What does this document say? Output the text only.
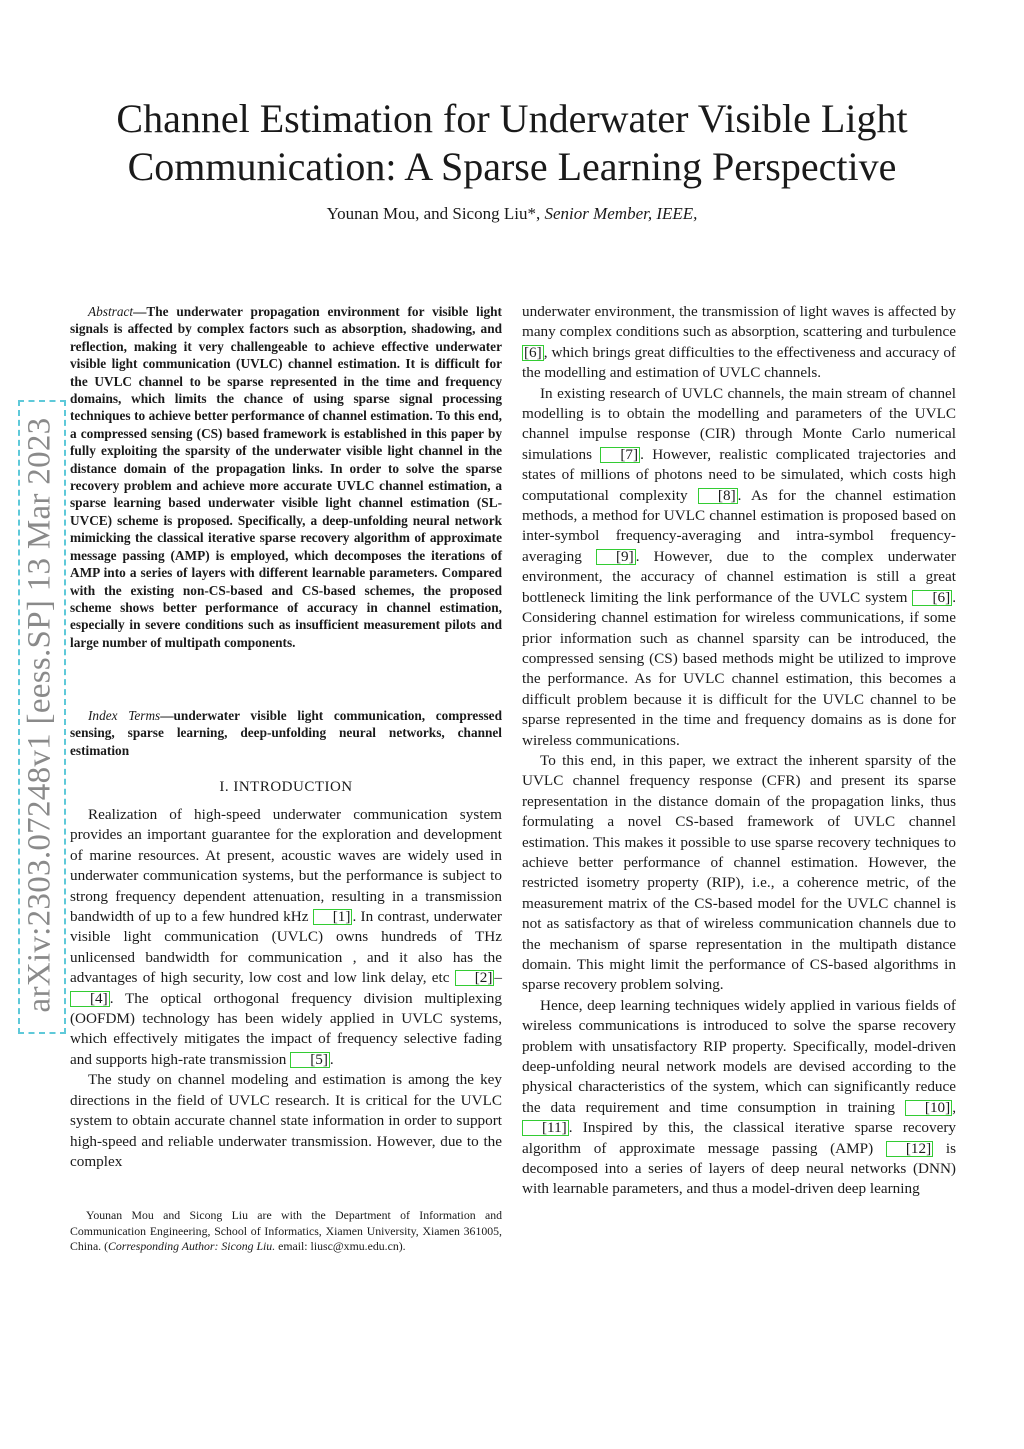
Channel Estimation for Underwater Visible Light
Communication: A Sparse Learning Perspective
Younan Mou, and Sicong Liu*, Senior Member, IEEE,
arXiv:2303.07248v1 [eess.SP] 13 Mar 2023

Abstract—The underwater propagation environment for visible light signals is affected by complex factors such as absorption, shadowing, and reflection, making it very challengeable to achieve effective underwater visible light communication (UVLC) channel estimation. It is difficult for the UVLC channel to be sparse represented in the time and frequency domains, which limits the chance of using sparse signal processing techniques to achieve better performance of channel estimation. To this end, a compressed sensing (CS) based framework is established in this paper by fully exploiting the sparsity of the underwater visible light channel in the distance domain of the propagation links. In order to solve the sparse recovery problem and achieve more accurate UVLC channel estimation, a sparse learning based underwater visible light channel estimation (SL-UVCE) scheme is proposed. Specifically, a deep-unfolding neural network mimicking the classical iterative sparse recovery algorithm of approximate message passing (AMP) is employed, which decomposes the iterations of AMP into a series of layers with different learnable parameters. Compared with the existing non-CS-based and CS-based schemes, the proposed scheme shows better performance of accuracy in channel estimation, especially in severe conditions such as insufficient measurement pilots and large number of multipath components.

Index Terms—underwater visible light communication, compressed sensing, sparse learning, deep-unfolding neural networks, channel estimation

I. INTRODUCTION

Realization of high-speed underwater communication system provides an important guarantee for the exploration and development of marine resources. At present, acoustic waves are widely used in underwater communication systems, but the performance is subject to strong frequency dependent attenuation, resulting in a transmission bandwidth of up to a few hundred kHz [1] . In contrast, underwater visible light communication (UVLC) owns hundreds of THz unlicensed bandwidth for communication , and it also has the advantages of high security, low cost and low link delay, etc [2] –[4] . The optical orthogonal frequency division multiplexing (OOFDM) technology has been widely applied in UVLC systems, which effectively mitigates the impact of frequency selective fading and supports high-rate transmission [5] .

The study on channel modeling and estimation is among the key directions in the field of UVLC research. It is critical for the UVLC system to obtain accurate channel state information in order to support high-speed and reliable underwater transmission. However, due to the complex

Younan Mou and Sicong Liu are with the Department of Information and Communication Engineering, School of Informatics, Xiamen University, Xiamen 361005, China. (Corresponding Author: Sicong Liu. email: liusc@xmu.edu.cn).

underwater environment, the transmission of light waves is affected by many complex conditions such as absorption, scattering and turbulence [6] , which brings great difficulties to the effectiveness and accuracy of the modelling and estimation of UVLC channels.

In existing research of UVLC channels, the main stream of channel modelling is to obtain the modelling and parameters of the UVLC channel impulse response (CIR) through Monte Carlo numerical simulations [7] . However, realistic complicated trajectories and states of millions of photons need to be simulated, which costs high computational complexity [8] . As for the channel estimation methods, a method for UVLC channel estimation is proposed based on inter-symbol frequency-averaging and intra-symbol frequency-averaging [9] . However, due to the complex underwater environment, the accuracy of channel estimation is still a great bottleneck limiting the link performance of the UVLC system [6] . Considering channel estimation for wireless communications, if some prior information such as channel sparsity can be introduced, the compressed sensing (CS) based methods might be utilized to improve the performance. As for UVLC channel estimation, this becomes a difficult problem because it is difficult for the UVLC channel to be sparse represented in the time and frequency domains as is done for wireless communications.

To this end, in this paper, we extract the inherent sparsity of the UVLC channel frequency response (CFR) and present its sparse representation in the distance domain of the propagation links, thus formulating a novel CS-based framework of UVLC channel estimation. This makes it possible to use sparse recovery techniques to achieve better performance of channel estimation. However, the restricted isometry property (RIP), i.e., a coherence metric, of the measurement matrix of the CS-based model for the UVLC channel is not as satisfactory as that of wireless communication channels due to the mechanism of sparse representation in the multipath distance domain. This might limit the performance of CS-based algorithms in sparse recovery problem solving.

Hence, deep learning techniques widely applied in various fields of wireless communications is introduced to solve the sparse recovery problem with unsatisfactory RIP property. Specifically, model-driven deep-unfolding neural network models are devised according to the physical characteristics of the system, which can significantly reduce the data requirement and time consumption in training [10] , [11] . Inspired by this, the classical iterative sparse recovery algorithm of approximate message passing (AMP) [12] is decomposed into a series of layers of deep neural networks (DNN) with learnable parameters, and thus a model-driven deep learning
